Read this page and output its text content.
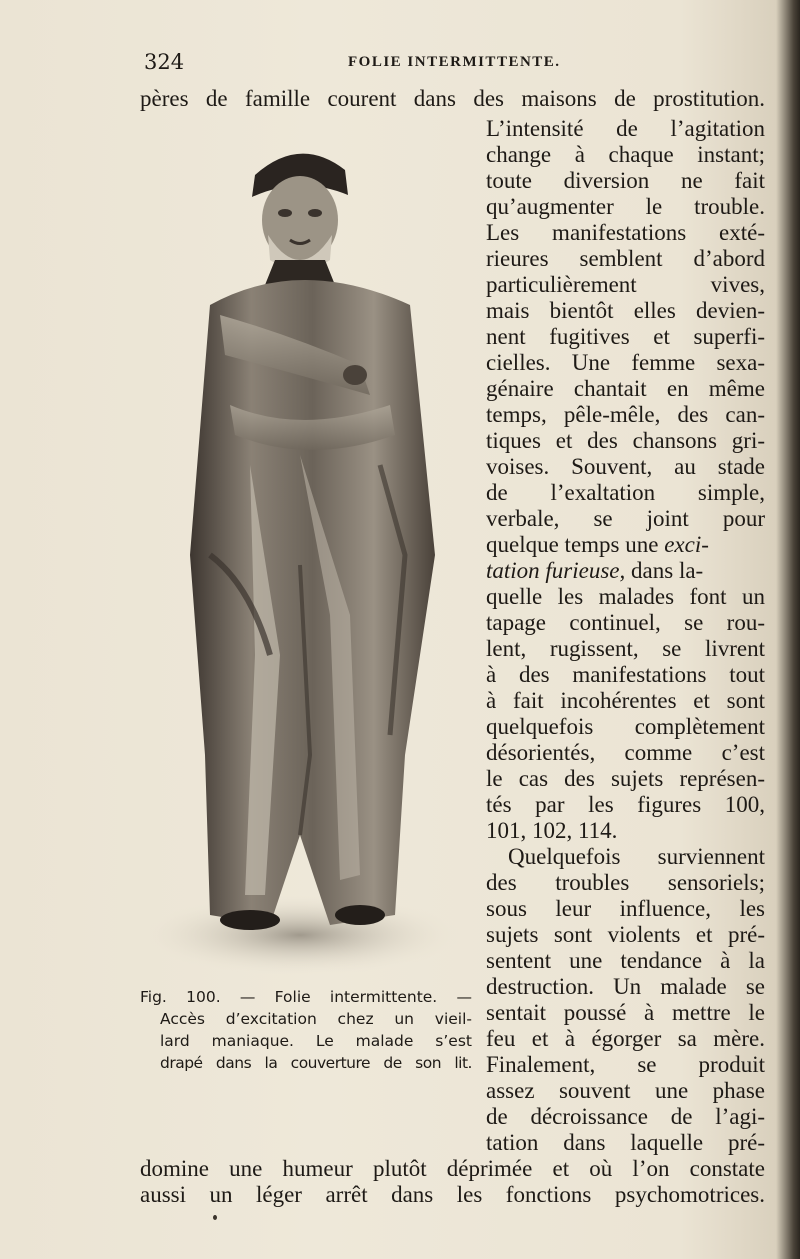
324	FOLIE INTERMITTENTE.
pères de famille courent dans des maisons de prostitution.
L’intensité de l’agitation
change à chaque instant;
toute diversion ne fait
qu’augmenter le trouble.
Les manifestations exté-
rieures semblent d’abord
particulièrement vives,
mais bientôt elles devien-
nent fugitives et superfi-
cielles. Une femme sexa-
génaire chantait en même
temps, pêle-mêle, des can-
tiques et des chansons gri-
voises. Souvent, au stade
de l’exaltation simple,
verbale, se joint pour
quelque temps une exci-
tation furieuse, dans la-
quelle les malades font un
tapage continuel, se rou-
lent, rugissent, se livrent
à des manifestations tout
à fait incohérentes et sont
quelquefois complètement
désorientés, comme c’est
le cas des sujets représen-
tés par les figures 100,
101, 102, 114.
Quelquefois surviennent
des troubles sensoriels;
sous leur influence, les
sujets sont violents et pré-
sentent une tendance à la
destruction. Un malade se
sentait poussé à mettre le
feu et à égorger sa mère.
Finalement, se produit
assez souvent une phase
de décroissance de l’agi-
tation dans laquelle pré-
domine une humeur plutôt déprimée et où l’on constate
aussi un léger arrêt dans les fonctions psychomotrices.
Fig. 100. — Folie intermittente. —
Accès d’excitation chez un vieil-
lard maniaque. Le malade s’est
drapé dans la couverture de son lit.
